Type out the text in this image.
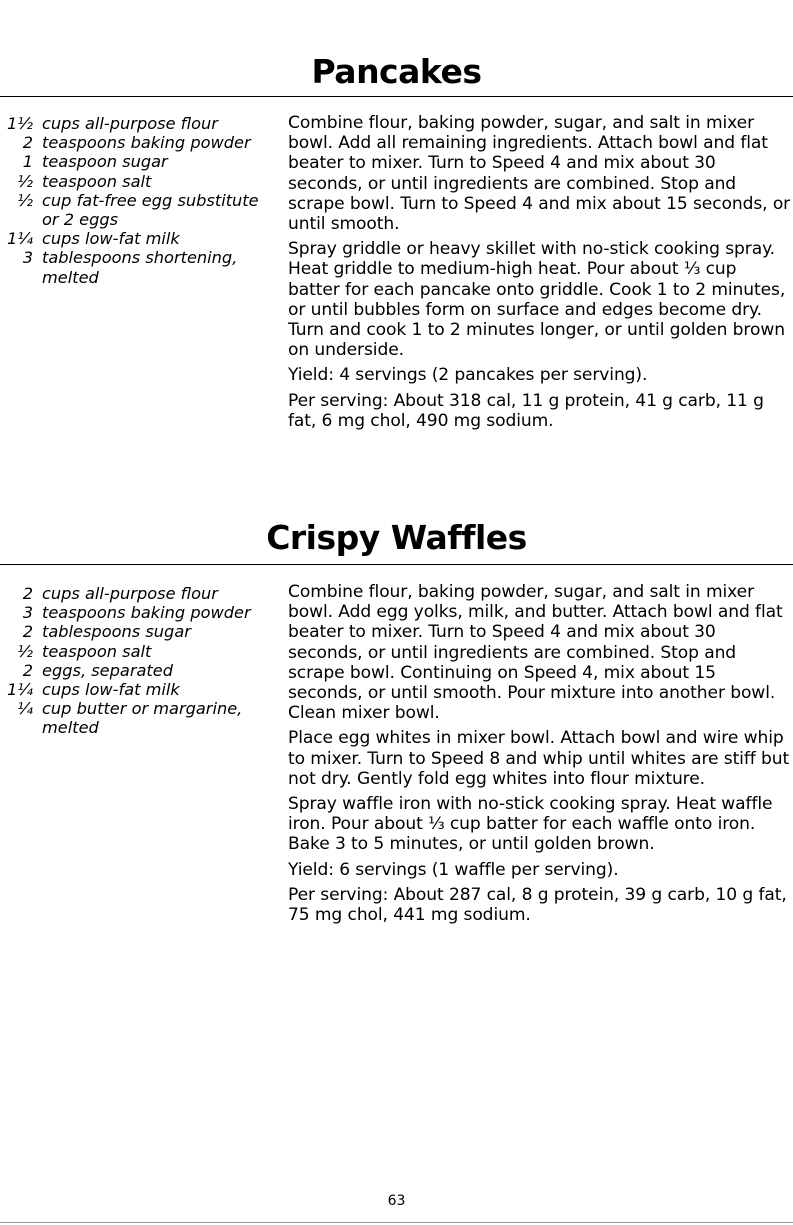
Pancakes
1½ cups all-purpose flour
2 teaspoons baking powder
1 teaspoon sugar
½ teaspoon salt
½ cup fat-free egg substitute or 2 eggs
1¼ cups low-fat milk
3 tablespoons shortening, melted

Combine flour, baking powder, sugar, and salt in mixer bowl. Add all remaining ingredients. Attach bowl and flat beater to mixer. Turn to Speed 4 and mix about 30 seconds, or until ingredients are combined. Stop and scrape bowl. Turn to Speed 4 and mix about 15 seconds, or until smooth.

Spray griddle or heavy skillet with no-stick cooking spray. Heat griddle to medium-high heat. Pour about ⅓ cup batter for each pancake onto griddle. Cook 1 to 2 minutes, or until bubbles form on surface and edges become dry. Turn and cook 1 to 2 minutes longer, or until golden brown on underside.

Yield: 4 servings (2 pancakes per serving).

Per serving: About 318 cal, 11 g protein, 41 g carb, 11 g fat, 6 mg chol, 490 mg sodium.

Crispy Waffles
2 cups all-purpose flour
3 teaspoons baking powder
2 tablespoons sugar
½ teaspoon salt
2 eggs, separated
1¼ cups low-fat milk
¼ cup butter or margarine, melted

Combine flour, baking powder, sugar, and salt in mixer bowl. Add egg yolks, milk, and butter. Attach bowl and flat beater to mixer. Turn to Speed 4 and mix about 30 seconds, or until ingredients are combined. Stop and scrape bowl. Continuing on Speed 4, mix about 15 seconds, or until smooth. Pour mixture into another bowl. Clean mixer bowl.

Place egg whites in mixer bowl. Attach bowl and wire whip to mixer. Turn to Speed 8 and whip until whites are stiff but not dry. Gently fold egg whites into flour mixture.

Spray waffle iron with no-stick cooking spray. Heat waffle iron. Pour about ⅓ cup batter for each waffle onto iron. Bake 3 to 5 minutes, or until golden brown.

Yield: 6 servings (1 waffle per serving).

Per serving: About 287 cal, 8 g protein, 39 g carb, 10 g fat, 75 mg chol, 441 mg sodium.

63
